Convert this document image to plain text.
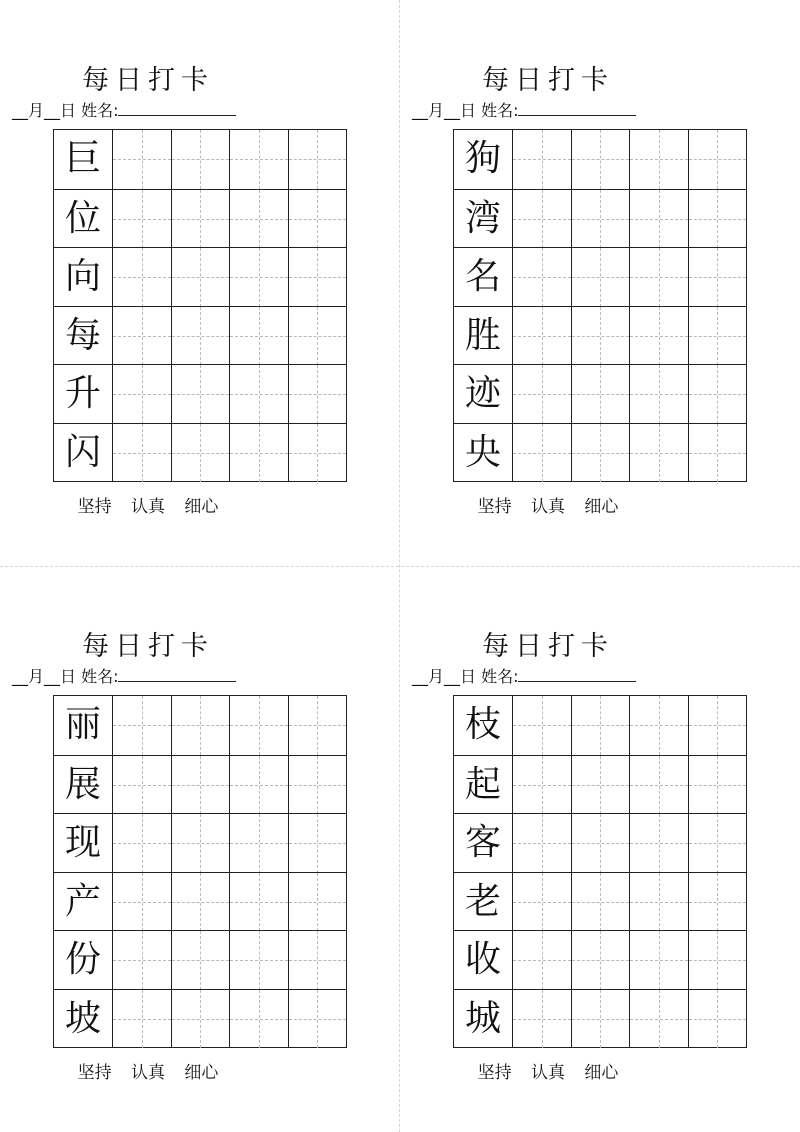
每日打卡
__月__日 姓名:
巨
位
向
每
升
闪
坚持 认真 细心
每日打卡
__月__日 姓名:
狗
湾
名
胜
迹
央
坚持 认真 细心
每日打卡
__月__日 姓名:
丽
展
现
产
份
坡
坚持 认真 细心
每日打卡
__月__日 姓名:
枝
起
客
老
收
城
坚持 认真 细心
